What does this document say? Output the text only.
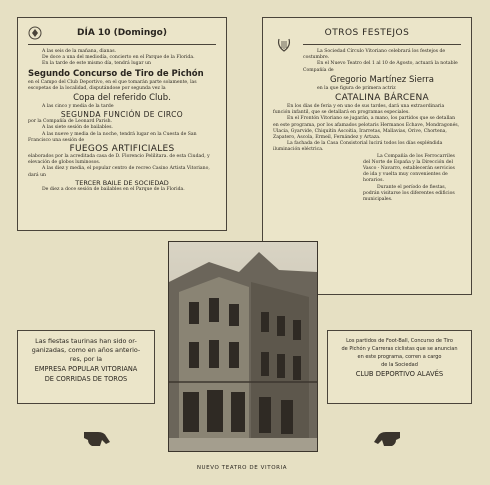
DÍA 10 (Domingo)

A las seis de la mañana, dianas.

De doce a una del mediodía, concierto en el Parque de la Florida.

En la tarde de este mismo día, tendrá lugar un

Segundo Concurso de Tiro de Pichón

en el Campo del Club Deportivo, en el que tomarán parte solamente, las escopetas de la localidad, disputándose por segunda vez la

Copa del referido Club.

A las cinco y media de la tarde

SEGUNDA FUNCIÓN DE CIRCO

por la Compañía de Leonard Parish.

A las siete sesión de bailables.

A las nueve y media de la noche, tendrá lugar en la Cuesta de San Francisco una sesión de

FUEGOS ARTIFICIALES

elaborados por la acreditada casa de D. Florencio Pelilitara. de esta Ciudad, y elevación de globos luminosos.

A las diez y media, el popular centro de recreo Casino Artista Vitoriano, dará un

TERCER BAILE DE SOCIEDAD

De diez a doce sesión de bailables en el Parque de la Florida.

OTROS FESTEJOS

La Sociedad Círculo Vitoriano celebrará los festejos de costumbre.

En el Nuevo Teatro del 1 al 10 de Agosto, actuará la notable Compañía de

Gregorio Martínez Sierra

en la que figura de primera actriz

CATALINA BÁRCENA

En los días de feria y en uno de sus tardes, dará una extraordinaria función infantil, que se detallará en programas especiales.

En el Frontón Vitoriano se jugarán, a mano, los partidos que se detallan en este programa, por los afamados pelotaris Hermanos Echave, Mondragonés, Ulacia, Gyarvide, Chiquitín Ascoitia, Irarretas, Mallavias, Orive, Chortena, Zapatero, Ascola, Ermeil, Fernández y Artaza.

La fachada de la Casa Consistorial lucirá todos los días espléndida iluminación eléctrica.

La Compañía de los Ferrocarriles del Norte de España y la Dirección del Vasco - Navarro, establecerán servicios de ida y vuelta muy convenientes de horarios.

Durante el período de fiestas, podrán visitarse los diferentes edificios municipales.

NUEVO TEATRO DE VITORIA
Las fiestas taurinas han sido or-
ganizadas, como en años anterio-
res, por la
EMPRESA POPULAR VITORIANA
DE CORRIDAS DE TOROS
Los partidos de Foot-Ball, Concurso de Tiro
de Pichón y Carreras ciclistas que se anuncian
en este programa, corren a cargo
de la Sociedad
CLUB DEPORTIVO ALAVÉS
